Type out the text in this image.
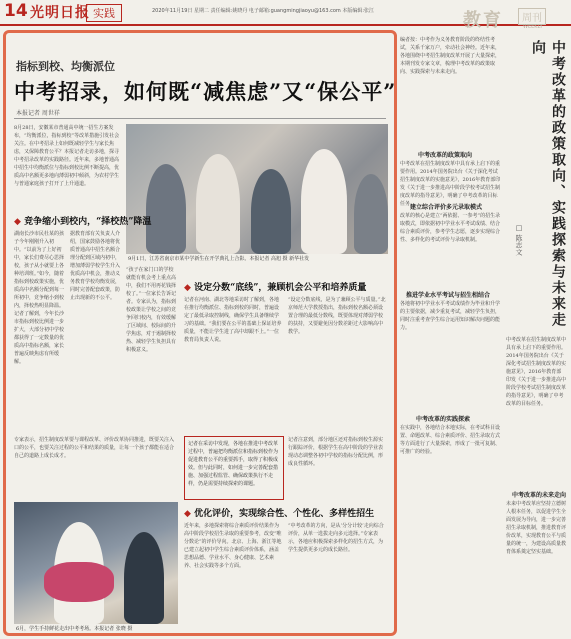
14 光明日报 实践	2020年11月19日 星期二 责任编辑:姚晓丹 电子邮箱:guangmingjiaoyu@163.com 本版编辑:张江	教育	周刊
WEEKLY
指标到校、均衡派位
中考招录，如何既“减焦虑”又“保公平”
本报记者 周世祥
8月28日，安徽某市普通高中统一招生方案发布，“均衡派位，指标到校”等改革措施引发社会关注。在中考招录上如何既减轻学生与家长焦虑，又保障教育公平？本报记者走访多地，探寻中考招录改革的实践路径。近年来，多地普通高中招生中均衡派位与指标到校比例不断提高，优质高中名额更多地向薄弱初中倾斜，为农村学生与普通家庭孩子打开了上升通道。
9月1日，江苏省南京市某中学新生在开学典礼上合影。本报记者 高旭 摄 新华社发
◆ 竞争缩小到校内，“择校热”降温
湖南长沙市民杜某的孩子今年刚刚升入初中。“以前为了上好初中，家长们费尽心思择校，孩子从小就要上各种培训班。”如今，随着指标到校政策实施，优质高中名额分配到每一所初中，竞争缩小到校内，择校热明显降温。记者了解到，今年长沙市指标到校比例进一步扩大，大部分初中学校都获得了一定数量的优质高中指标名额，家长普遍反映焦虑有所缓解。
据教育部有关负责人介绍，国家鼓励各地将优质普通高中招生名额合理分配到区域内初中，增加薄弱学校学生升入优质高中机会，推动义务教育学校均衡发展，同时完善配套政策，防止出现新的不公平。
“孩子在家门口的学校就能有机会考上重点高中，我们不用再花钱择校了。”一位家长告诉记者。专家认为，指标到校政策让学校之间的竞争回归校内，有效缓解了区域间、校际间的升学焦虑，对于遏制择校热、减轻学生负担具有积极意义。
◆ 设定分数“底线”，兼顾机会公平和培养质量
记者在河南、湖北等地采访时了解到，各地在推行均衡派位、指标到校的同时，普遍设定了最低录取控制线，确保学生具备继续学习的基础。“我们要在公平的基础上保证培养质量，不能让学生进了高中却跟不上。”一位教育局负责人说。
“设定分数底线，是为了兼顾公平与质量。”北京师范大学教授指出，指标到校名额必须设置合理的最低分数线，既要体现对薄弱学校的扶持，又要避免因分数差距过大影响高中教学。
记者在采访中发现，各地在推进中考改革过程中，普遍把均衡派位和指标到校作为促进教育公平的重要抓手，取得了积极成效。但与此同时，如何进一步完善配套措施、加强过程监管、确保政策执行不走样，仍是需要持续探索的课题。
记者注意到，部分地区还对指标到校生源实行跟踪评价，根据学生在高中阶段的学业表现动态调整各初中学校的指标分配比例，形成良性循环。
◆ 优化评价，实现综合性、个性化、多样性招生
近年来，多地探索将综合素质评价结果作为高中阶段学校招生录取的重要参考，改变“唯分数论”的评价导向。北京、上海、浙江等地已建立起初中学生综合素质评价体系，涵盖思想品德、学业水平、身心健康、艺术素养、社会实践等多个方面。
“中考改革的方向，是从‘分分计较’走向综合评价，从单一选拔走向多元选择。”专家表示，各地应积极探索多样化的招生方式，为学生提供更多元的成长路径。
6月，学生手持鲜花走出中考考场。本报记者 张晓 摄
专家表示，招生制度改革要与课程改革、评价改革协同推进，既要关注入口的公平，也要关注过程的公平和结果的质量，让每一个孩子都能在适合自己的道路上成长成才。
编者按：中考作为义务教育阶段的终结性考试，关系千家万户，牵动社会神经。近年来，各地围绕中考招生制度改革开展了大量探索，本期刊发专家文章，梳理中考改革的政策取向、实践探索与未来走向。	中考改革的政策取向、实践探索与未来走向
□ 陈志文
中考改革的政策取向
中考改革在招生制度改革中具有承上启下的重要作用。2014年国务院出台《关于深化考试招生制度改革的实施意见》，2016年教育部印发《关于进一步推进高中阶段学校考试招生制度改革的指导意见》，明确了中考改革的目标任务。
建立综合评价多元录取模式
改革的核心是建立“两依据、一参考”的招生录取模式，即依据初中学业水平考试成绩、结合综合素质评价，参考学生志愿，逐步实现综合性、多样化的考试评价与录取机制。
推进学业水平考试与招生相结合
各地将初中学业水平考试成绩作为毕业和升学的主要依据，减少重复考试，减轻学生负担，同时注重考查学生综合运用知识解决问题的能力。
中考改革的实践探索
在实践中，各地结合本地实际，在考试科目设置、命题改革、综合素质评价、招生录取方式等方面进行了大量探索，形成了一批可复制、可推广的经验。
中考改革在招生制度改革中具有承上启下的重要作用。2014年国务院出台《关于深化考试招生制度改革的实施意见》，2016年教育部印发《关于进一步推进高中阶段学校考试招生制度改革的指导意见》，明确了中考改革的目标任务。
中考改革的未来走向
未来中考改革应坚持立德树人根本任务，以促进学生全面发展为导向，进一步完善招生录取机制，推进教育评价改革，实现教育公平与质量的统一，为建设高质量教育体系奠定坚实基础。
